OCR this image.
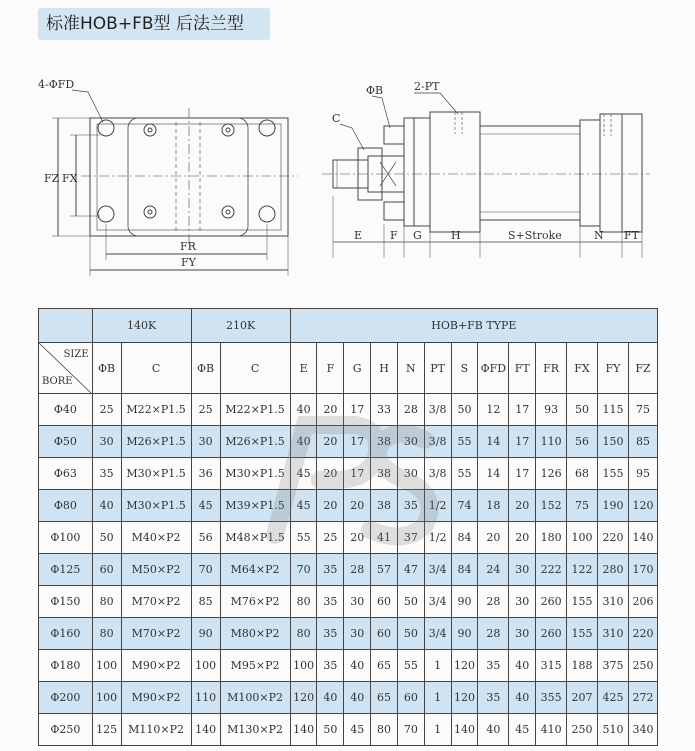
标准HOB+FB型 后法兰型
4-ΦFD
FZ FX
FR
FY
ΦB	2-PT
C
E	F G	H	S+Stroke	N FT
	140K		210K		HOB+FB TYPE												

SIZE
BORE	ΦB	C	ΦB	C	E	F	G	H	N	PT	S	ΦFD	FT	FR	FX	FY	FZ
Φ40	25	M22×P1.5	25	M22×P1.5	40	20	17	33	28	3/8	50	12	17	93	50	115	75
Φ50	30	M26×P1.5	30	M26×P1.5	40	20	17	38	30	3/8	55	14	17	110	56	150	85
Φ63	35	M30×P1.5	36	M30×P1.5	45	20	17	38	30	3/8	55	14	17	126	68	155	95
Φ80	40	M30×P1.5	45	M39×P1.5	45	20	20	38	35	1/2	74	18	20	152	75	190	120
Φ100	50	M40×P2	56	M48×P1.5	55	25	20	41	37	1/2	84	20	20	180	100	220	140
Φ125	60	M50×P2	70	M64×P2	70	35	28	57	47	3/4	84	24	30	222	122	280	170
Φ150	80	M70×P2	85	M76×P2	80	35	30	60	50	3/4	90	28	30	260	155	310	206
Φ160	80	M70×P2	90	M80×P2	80	35	30	60	50	3/4	90	28	30	260	155	310	220
Φ180	100	M90×P2	100	M95×P2	100	35	40	65	55	1	120	35	40	315	188	375	250
Φ200	100	M90×P2	110	M100×P2	120	40	40	65	60	1	120	35	40	355	207	425	272
Φ250	125	M110×P2	140	M130×P2	140	50	45	80	70	1	140	40	45	410	250	510	340
